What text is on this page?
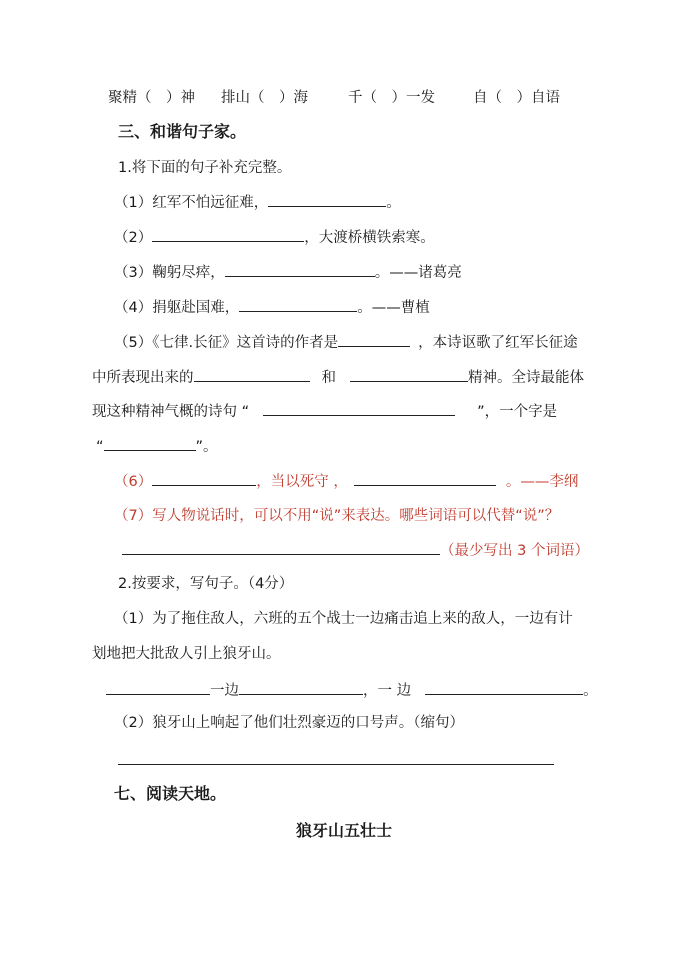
聚精（　）神 排山（　）海	千（　）一发	自（　）自语
三、和谐句子家。
1.将下面的句子补充完整。
（1）红军不怕远征难，	。
（2）	，大渡桥横铁索寒。
（3）鞠躬尽瘁，	。——诸葛亮
（4）捐躯赴国难，	。——曹植
（5）《七律.长征》这首诗的作者是	，本诗讴歌了红军长征途
中所表现出来的	和	精神。全诗最能体
现这种精神气概的诗句 “	”，一个字是
“	”。
（6）	，当以死守 ，	。——李纲
（7）写人物说话时，可以不用“说”来表达。哪些词语可以代替“说”？
（最少写出 3 个词语）
2.按要求，写句子。（4分）
（1）为了拖住敌人，六班的五个战士一边痛击追上来的敌人，一边有计
划地把大批敌人引上狼牙山。
一边	，一 边	。
（2）狼牙山上响起了他们壮烈豪迈的口号声。（缩句）
七、阅读天地。
狼牙山五壮士
